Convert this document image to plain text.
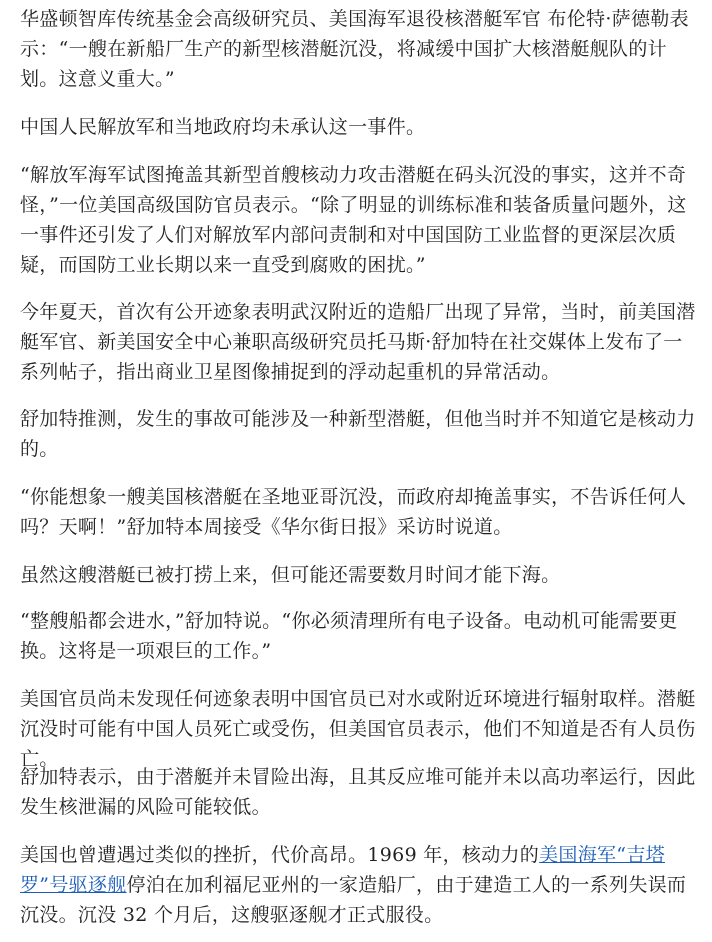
华盛顿智库传统基金会高级研究员、美国海军退役核潜艇军官 布伦特·萨德勒表示：“一艘在新船厂生产的新型核潜艇沉没，将减缓中国扩大核潜艇舰队的计划。这意义重大。”

中国人民解放军和当地政府均未承认这一事件。

“解放军海军试图掩盖其新型首艘核动力攻击潜艇在码头沉没的事实，这并不奇怪，”一位美国高级国防官员表示。“除了明显的训练标准和装备质量问题外，这一事件还引发了人们对解放军内部问责制和对中国国防工业监督的更深层次质疑，而国防工业长期以来一直受到腐败的困扰。”

今年夏天，首次有公开迹象表明武汉附近的造船厂出现了异常，当时，前美国潜艇军官、新美国安全中心兼职高级研究员托马斯·舒加特在社交媒体上发布了一系列帖子，指出商业卫星图像捕捉到的浮动起重机的异常活动。

舒加特推测，发生的事故可能涉及一种新型潜艇，但他当时并不知道它是核动力的。

“你能想象一艘美国核潜艇在圣地亚哥沉没，而政府却掩盖事实，不告诉任何人吗？天啊！”舒加特本周接受《华尔街日报》采访时说道。

虽然这艘潜艇已被打捞上来，但可能还需要数月时间才能下海。

“整艘船都会进水，”舒加特说。“你必须清理所有电子设备。电动机可能需要更换。这将是一项艰巨的工作。”

美国官员尚未发现任何迹象表明中国官员已对水或附近环境进行辐射取样。潜艇沉没时可能有中国人员死亡或受伤，但美国官员表示，他们不知道是否有人员伤亡。

舒加特表示，由于潜艇并未冒险出海，且其反应堆可能并未以高功率运行，因此发生核泄漏的风险可能较低。

美国也曾遭遇过类似的挫折，代价高昂。1969 年，核动力的美国海军“吉塔罗”号驱逐舰停泊在加利福尼亚州的一家造船厂，由于建造工人的一系列失误而沉没。沉没 32 个月后，这艘驱逐舰才正式服役。
